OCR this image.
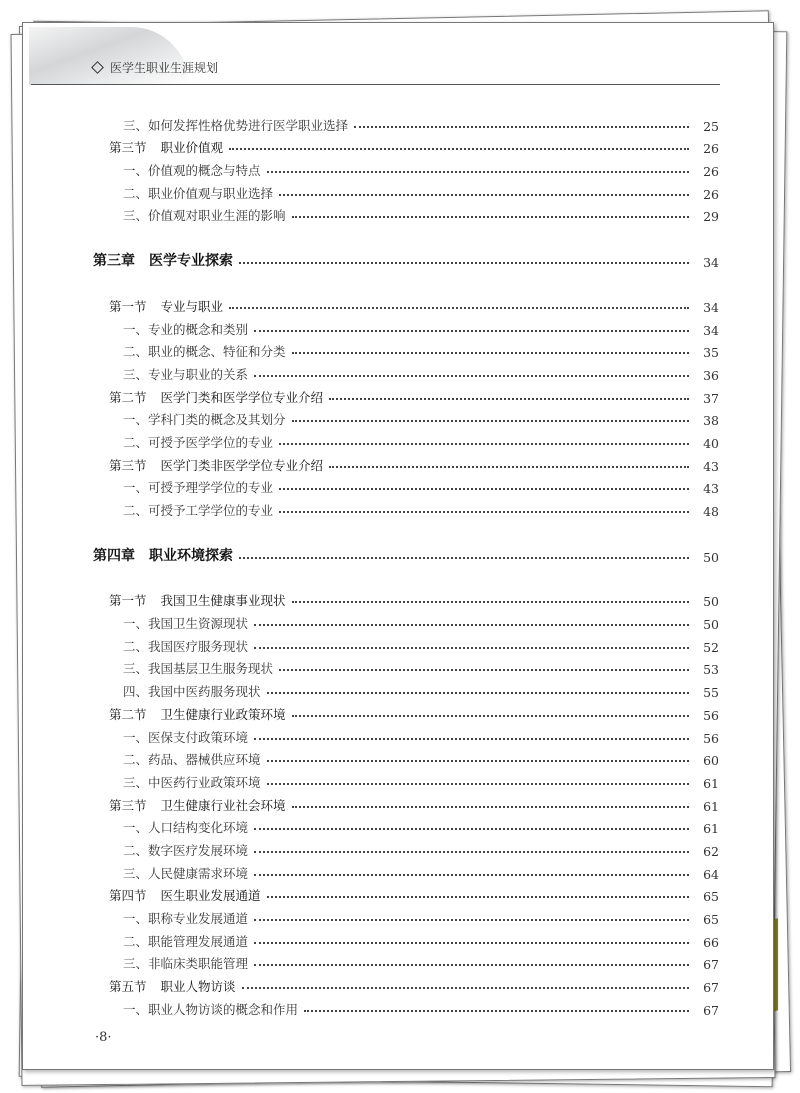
医学生职业生涯规划
三、如何发挥性格优势进行医学职业选择	25
第三节 职业价值观	26
一、价值观的概念与特点	26
二、职业价值观与职业选择	26
三、价值观对职业生涯的影响	29
第三章 医学专业探索	34
第一节 专业与职业	34
一、专业的概念和类别	34
二、职业的概念、特征和分类	35
三、专业与职业的关系	36
第二节 医学门类和医学学位专业介绍	37
一、学科门类的概念及其划分	38
二、可授予医学学位的专业	40
第三节 医学门类非医学学位专业介绍	43
一、可授予理学学位的专业	43
二、可授予工学学位的专业	48
第四章 职业环境探索	50
第一节 我国卫生健康事业现状	50
一、我国卫生资源现状	50
二、我国医疗服务现状	52
三、我国基层卫生服务现状	53
四、我国中医药服务现状	55
第二节 卫生健康行业政策环境	56
一、医保支付政策环境	56
二、药品、器械供应环境	60
三、中医药行业政策环境	61
第三节 卫生健康行业社会环境	61
一、人口结构变化环境	61
二、数字医疗发展环境	62
三、人民健康需求环境	64
第四节 医生职业发展通道	65
一、职称专业发展通道	65
二、职能管理发展通道	66
三、非临床类职能管理	67
第五节 职业人物访谈	67
一、职业人物访谈的概念和作用	67
·8·
